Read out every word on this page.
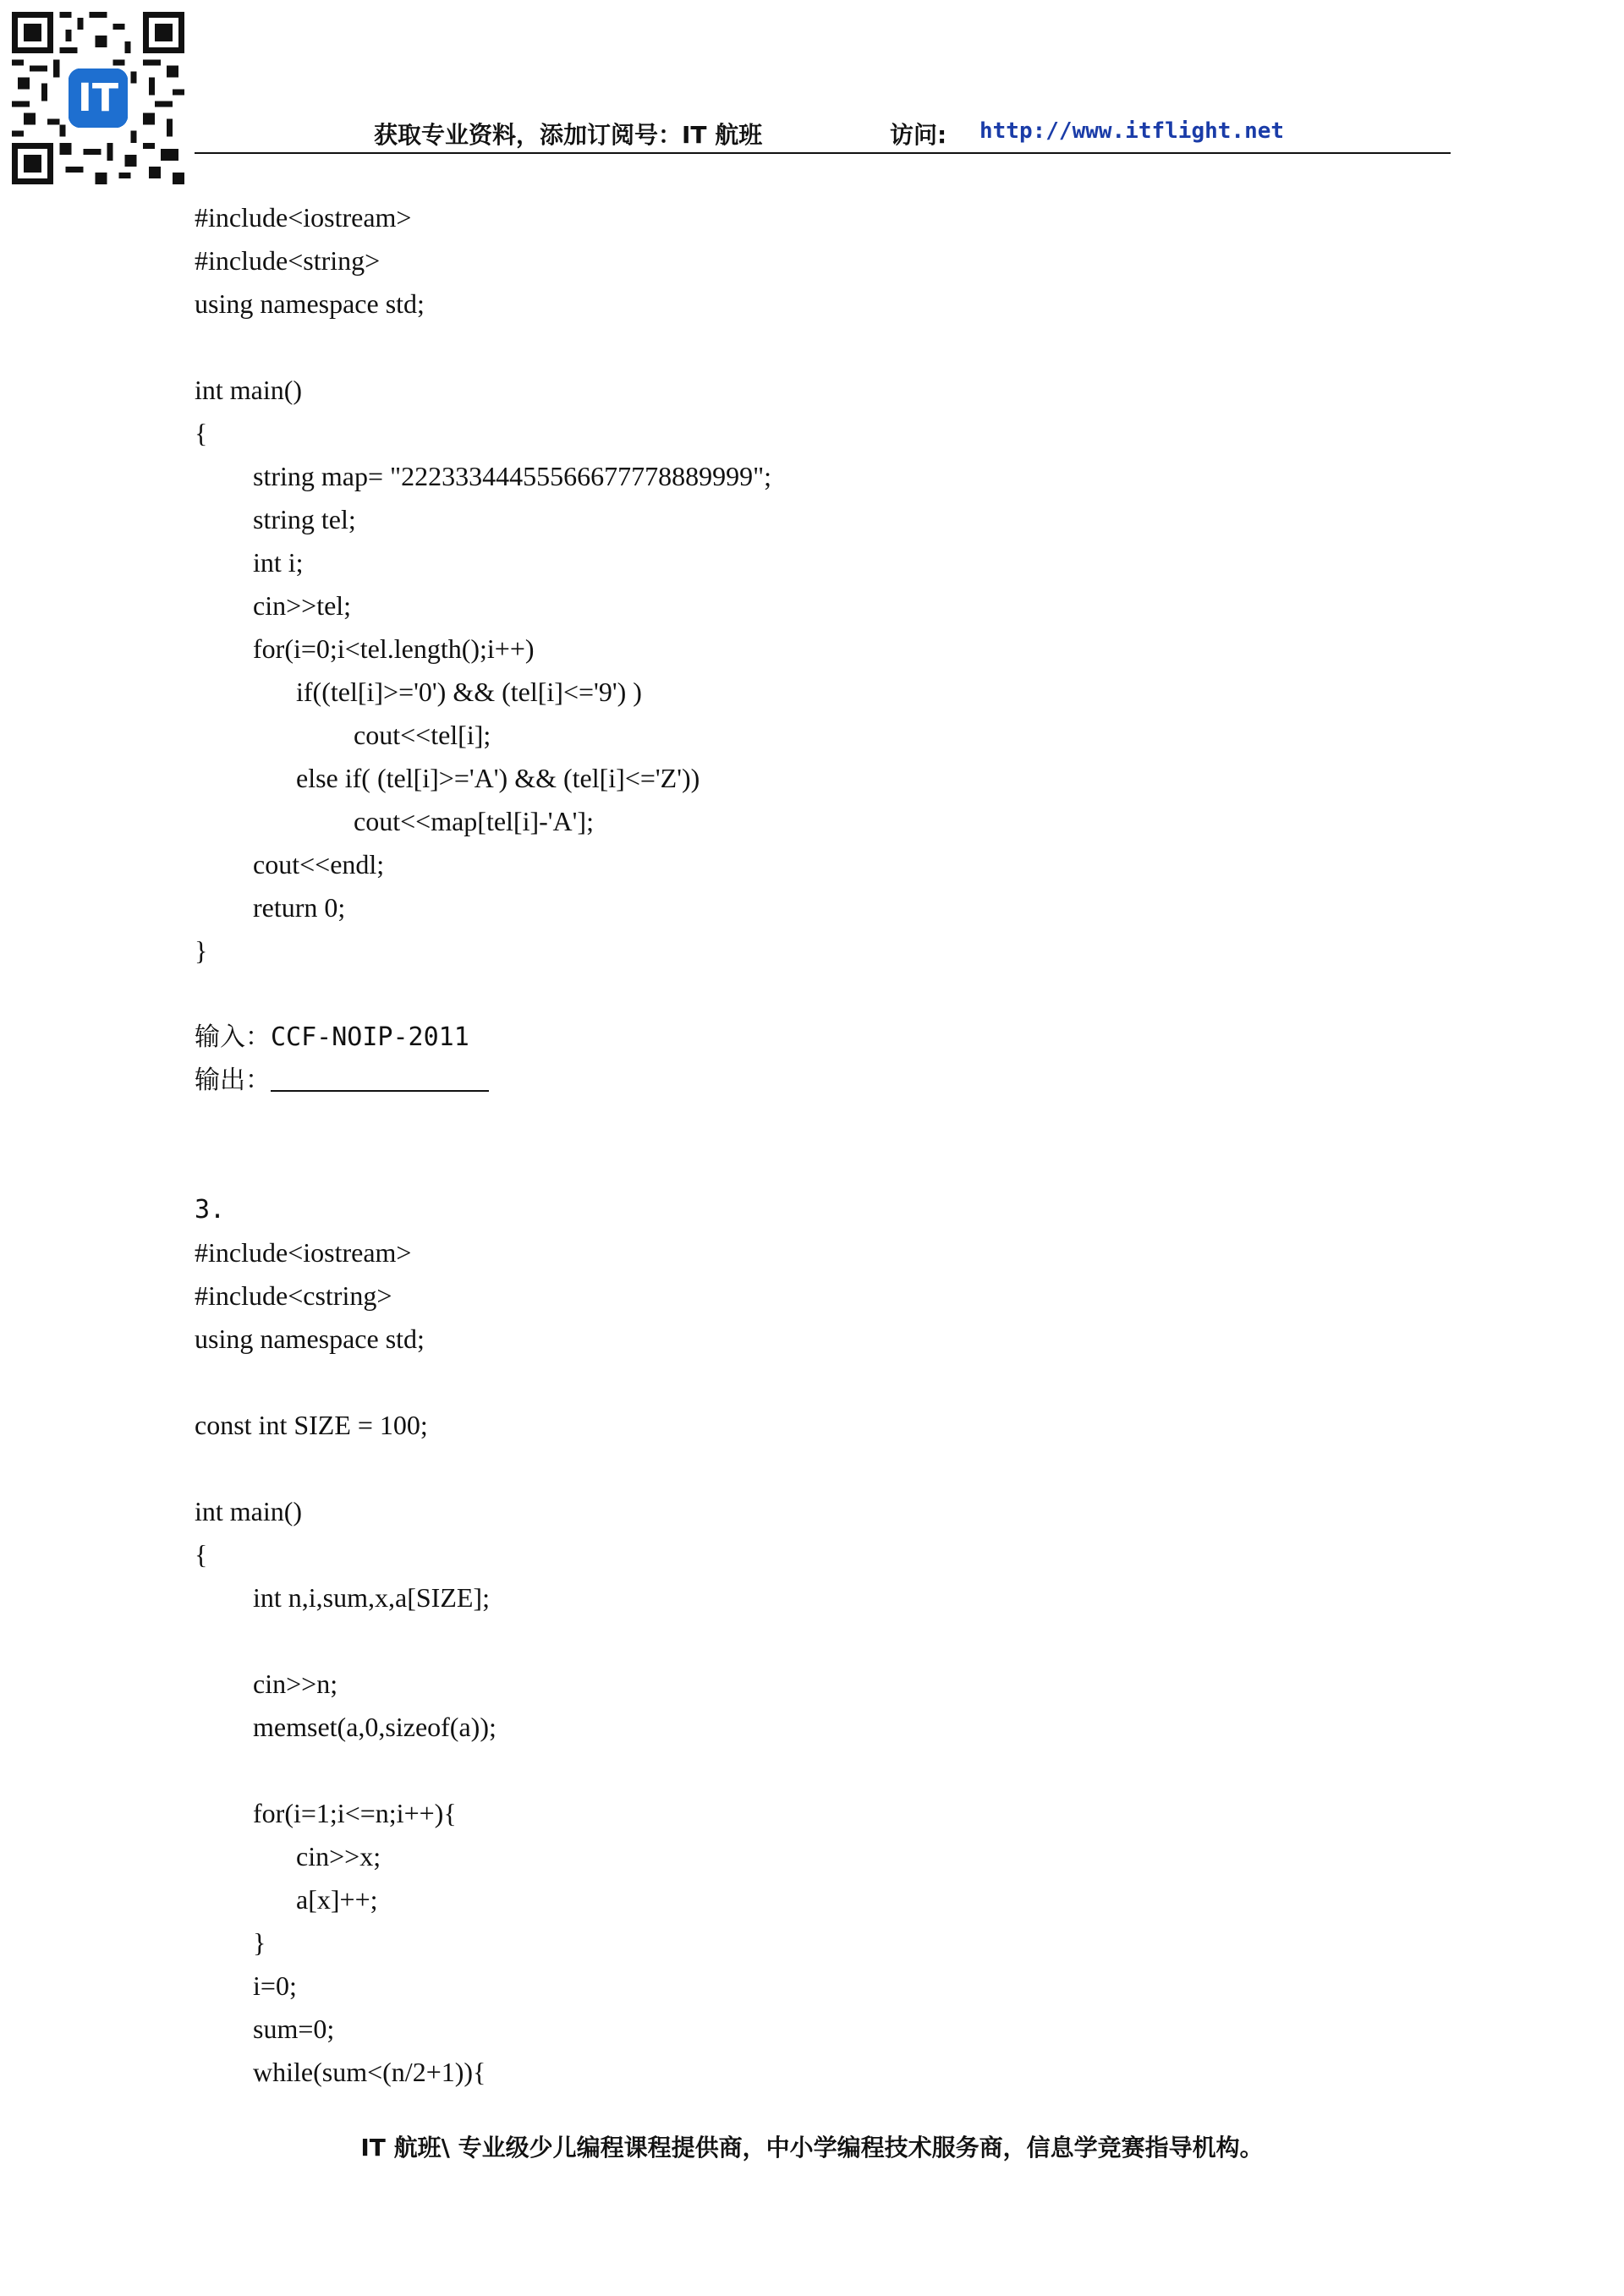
IT
获取专业资料，添加订阅号：IT 航班	访问: http://www.itflight.net
#include<iostream>
#include<string>
using namespace std;
int main()
{
string map= "22233344455566677778889999";
string tel;
int i;
cin>>tel;
for(i=0;i<tel.length();i++)
if((tel[i]>='0') && (tel[i]<='9') )
cout<<tel[i];
else if( (tel[i]>='A') && (tel[i]<='Z'))
cout<<map[tel[i]-'A'];
cout<<endl;
return 0;
}
输入：CCF-NOIP-2011
输出：
3.
#include<iostream>
#include<cstring>
using namespace std;
const int SIZE = 100;
int main()
{
int n,i,sum,x,a[SIZE];
cin>>n;
memset(a,0,sizeof(a));
for(i=1;i<=n;i++){
cin>>x;
a[x]++;
}
i=0;
sum=0;
while(sum<(n/2+1)){
IT 航班\ 专业级少儿编程课程提供商，中小学编程技术服务商，信息学竞赛指导机构。
